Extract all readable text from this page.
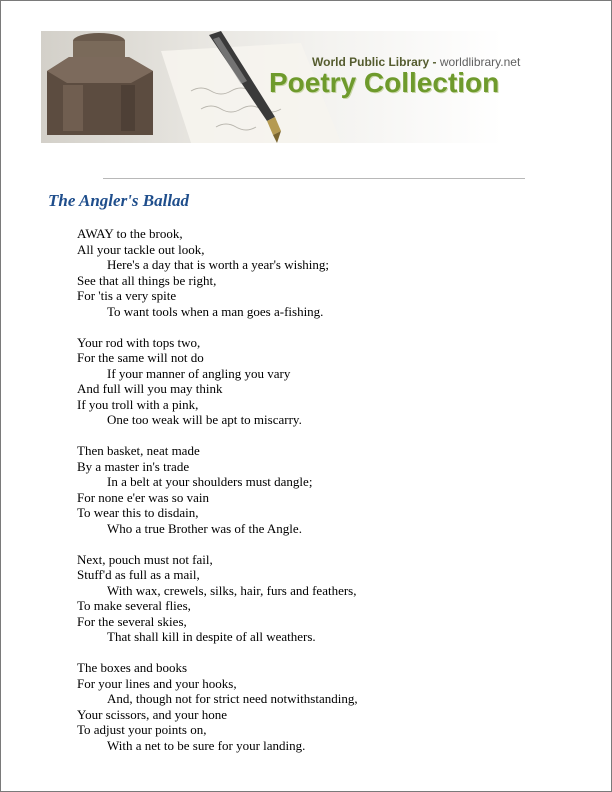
World Public Library - worldlibrary.net
Poetry Collection
The Angler's Ballad
AWAY to the brook,
All your tackle out look,
Here's a day that is worth a year's wishing;
See that all things be right,
For 'tis a very spite
To want tools when a man goes a-fishing.
Your rod with tops two,
For the same will not do
If your manner of angling you vary
And full will you may think
If you troll with a pink,
One too weak will be apt to miscarry.
Then basket, neat made
By a master in's trade
In a belt at your shoulders must dangle;
For none e'er was so vain
To wear this to disdain,
Who a true Brother was of the Angle.
Next, pouch must not fail,
Stuff'd as full as a mail,
With wax, crewels, silks, hair, furs and feathers,
To make several flies,
For the several skies,
That shall kill in despite of all weathers.
The boxes and books
For your lines and your hooks,
And, though not for strict need notwithstanding,
Your scissors, and your hone
To adjust your points on,
With a net to be sure for your landing.
